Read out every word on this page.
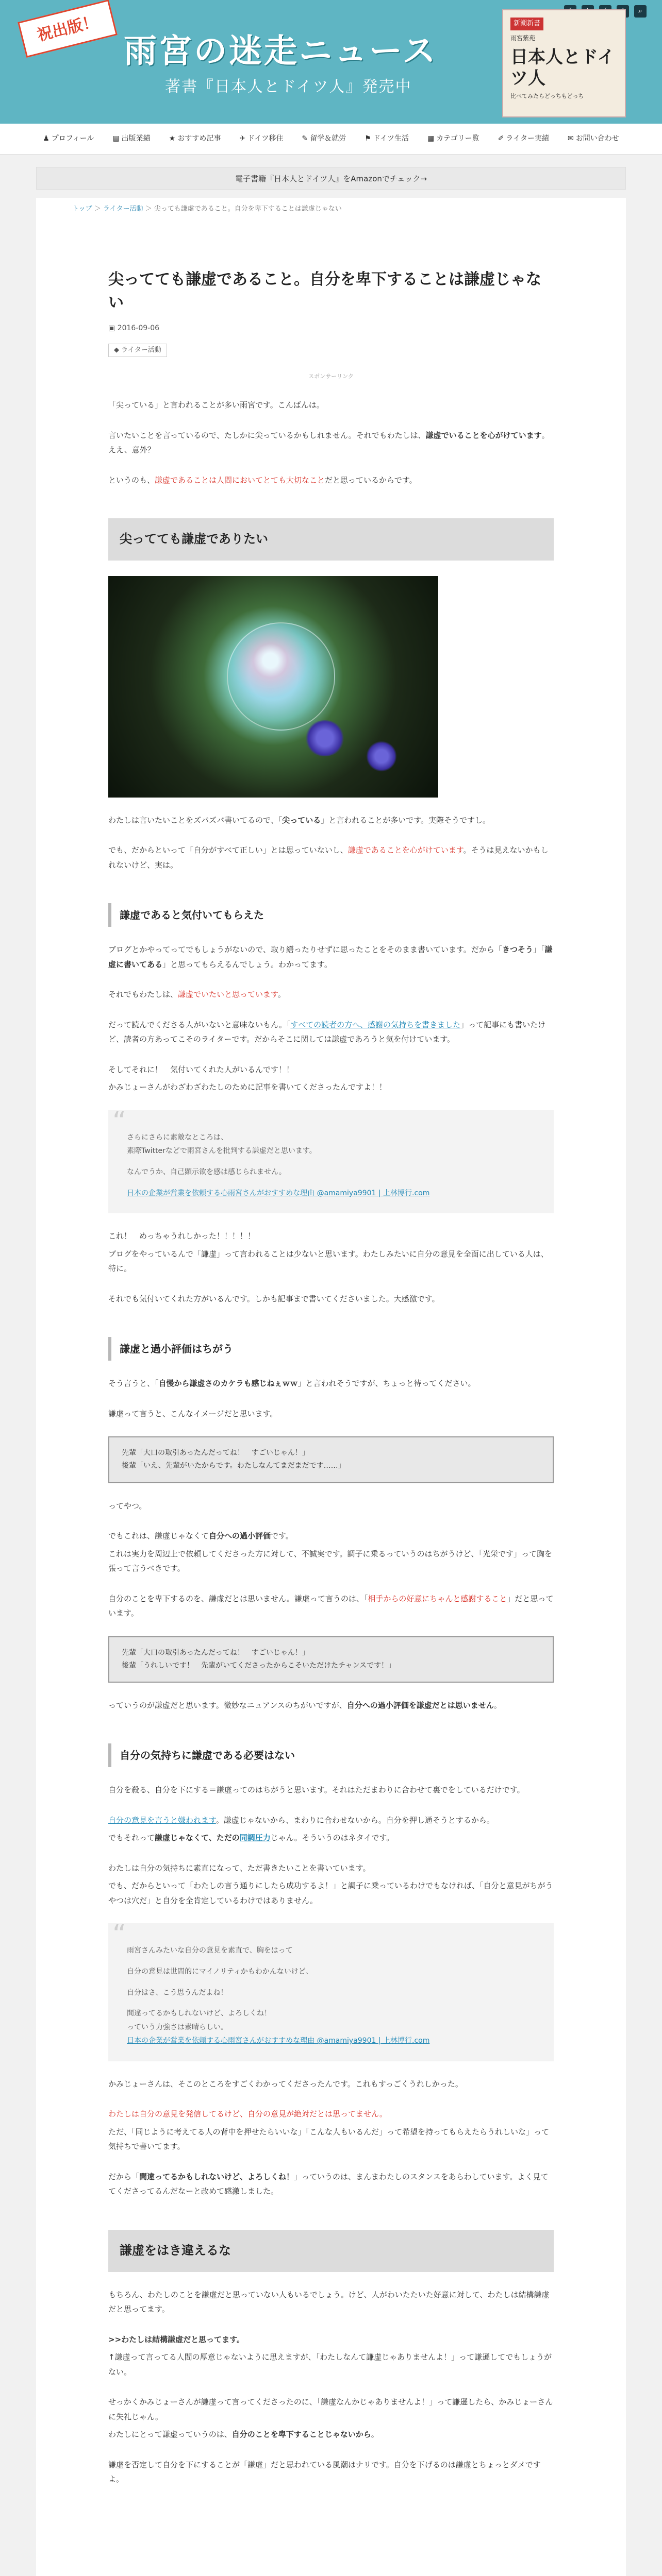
祝出版！
雨宮の迷走ニュース
著書『日本人とドイツ人』発売中
⌕
新潮新書
雨宮紫苑
日本人とドイツ人
比べてみたらどっちもどっち
♟ プロフィール	▤ 出版業績	★ おすすめ記事	✈ ドイツ移住	✎ 留学＆就労	⚑ ドイツ生活	▦ カテゴリー覧	✐ ライター実績	✉ お問い合わせ
電子書籍『日本人とドイツ人』をAmazonでチェック→
トップ ＞ ライター活動 ＞ 尖っても謙虚であること。自分を卑下することは謙虚じゃない
尖ってても謙虚であること。自分を卑下することは謙虚じゃない
▣ 2016-09-06
◆ ライター活動
スポンサーリンク

「尖っている」と言われることが多い雨宮です。こんばんは。

言いたいことを言っているので、たしかに尖っているかもしれません。それでもわたしは、謙虚でいることを心がけています。ええ、意外？

というのも、謙虚であることは人間においてとても大切なことだと思っているからです。

尖ってても謙虚でありたい

わたしは言いたいことをズバズバ書いてるので、「尖っている」と言われることが多いです。実際そうですし。

でも、だからといって「自分がすべて正しい」とは思っていないし、謙虚であることを心がけています。そうは見えないかもしれないけど、実は。

謙虚であると気付いてもらえた

ブログとかやってってでもしょうがないので、取り繕ったりせずに思ったことをそのまま書いています。だから「きつそう」「謙虚に書いてある」と思ってもらえるんでしょう。わかってます。

それでもわたしは、謙虚でいたいと思っています。

だって読んでくださる人がいないと意味ないもん。「すべての読者の方へ、感謝の気持ちを書きました」って記事にも書いたけど、読者の方あってこそのライターです。だからそこに関しては謙虚であろうと気を付けています。

そしてそれに！　気付いてくれた人がいるんです！！

かみじょーさんがわざわざわたしのために記事を書いてくださったんですよ！！

“
さらにさらに素敵なところは、
素際Twitterなどで雨宮さんを批判する謙虚だと思います。
なんでうか、自己顕示欲を感は感じられません。
日本の企業が営業を依頼する心雨宮さんがおすすめな理由 @amamiya9901 | 上林博行.com

これ！　めっちゃうれしかった！！！！！

ブログをやっているんで「謙虚」って言われることは少ないと思います。わたしみたいに自分の意見を全面に出している人は、特に。

それでも気付いてくれた方がいるんです。しかも記事まで書いてくださいました。大感激です。

謙虚と過小評価はちがう

そう言うと、「自慢から謙虚さのカケラも感じねぇｗｗ」と言われそうですが、ちょっと待ってください。

謙虚って言うと、こんなイメージだと思います。

先輩「大口の取引あったんだってね！　すごいじゃん！」
後輩「いえ、先輩がいたからです。わたしなんてまだまだです……」

ってやつ。

でもこれは、謙虚じゃなくて自分への過小評価です。

これは実力を周辺上で依頼してくださった方に対して、不誠実です。調子に乗るっていうのはちがうけど、「光栄です」って胸を張って言うべきです。

自分のことを卑下するのを、謙虚だとは思いません。謙虚って言うのは、「相手からの好意にちゃんと感謝すること」だと思っています。

先輩「大口の取引あったんだってね！　すごいじゃん！」
後輩「うれしいです！　先輩がいてくださったからこそいただけたチャンスです！」

っていうのが謙虚だと思います。微妙なニュアンスのちがいですが、自分への過小評価を謙虚だとは思いません。

自分の気持ちに謙虚である必要はない

自分を殺る、自分を下にする＝謙虚ってのはちがうと思います。それはただまわりに合わせて裏でをしているだけです。

自分の意見を言うと嫌われます。謙虚じゃないから、まわりに合わせないから。自分を押し通そうとするから。

でもそれって謙虚じゃなくて、ただの同調圧力じゃん。そういうのはネタイです。

わたしは自分の気持ちに素直になって、ただ書きたいことを書いています。

でも、だからといって「わたしの言う通りにしたら成功するよ！」と調子に乗っているわけでもなければ、「自分と意見がちがうやつは穴だ」と自分を全肯定しているわけではありません。

“
雨宮さんみたいな自分の意見を素直で、胸をはって
自分の意見は世間的にマイノリティかもわかんないけど、
自分はさ、こう思うんだよね！
間違ってるかもしれないけど、よろしくね！
っていう力強さは素晴らしい。
日本の企業が営業を依頼する心雨宮さんがおすすめな理由 @amamiya9901 | 上林博行.com

かみじょーさんは、そこのところをすごくわかってくださったんです。これもすっごくうれしかった。

わたしは自分の意見を発信してるけど、自分の意見が絶対だとは思ってません。

ただ、「同じように考えてる人の背中を押せたらいいな」「こんな人もいるんだ」って希望を持ってもらえたらうれしいな」って気持ちで書いてます。

だから「間違ってるかもしれないけど、よろしくね！」っていうのは、まんまわたしのスタンスをあらわしています。よく見ててくださってるんだなーと改めて感激しました。

謙虚をはき違えるな

もちろん、わたしのことを謙虚だと思っていない人もいるでしょう。けど、人がわいたたいた好意に対して、わたしは結構謙虚だと思ってます。

>>わたしは結構謙虚だと思ってます。

↑謙虚って言ってる人間の厚意じゃないように思えますが、「わたしなんて謙虚じゃありませんよ！」って謙遜してでもしょうがない。

せっかくかみじょーさんが謙虚って言ってくださったのに、「謙虚なんかじゃありませんよ！」って謙遜したら、かみじょーさんに失礼じゃん。

わたしにとって謙虚っていうのは、自分のことを卑下することじゃないから。

謙虚を否定して自分を下にすることが「謙虚」だと思われている風潮はナリです。自分を下げるのは謙虚とちょっとダメですよ。
